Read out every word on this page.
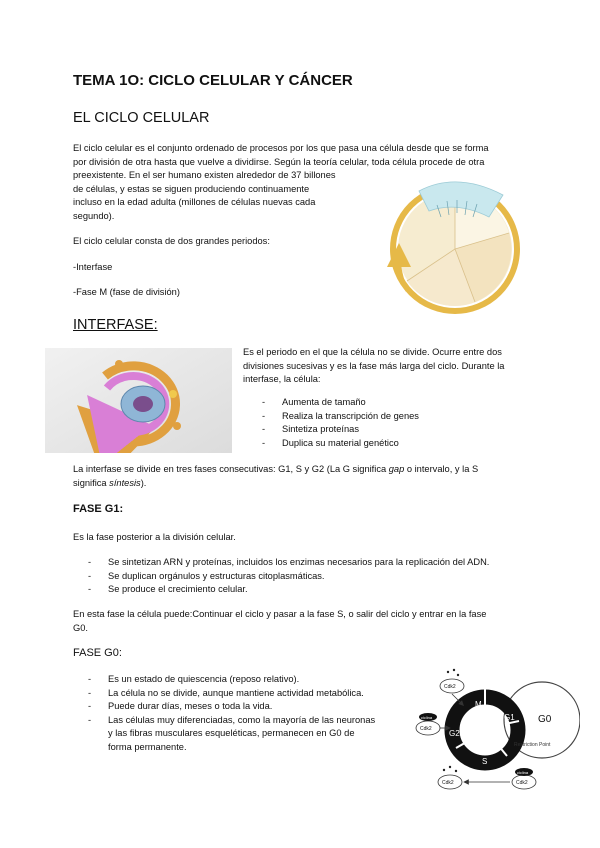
TEMA 1O: CICLO CELULAR Y CÁNCER
EL CICLO CELULAR
El ciclo celular es el conjunto ordenado de procesos por los que pasa una célula desde que se forma
por división de otra hasta que vuelve a dividirse. Según la teoría celular, toda célula procede de otra
preexistente. En el ser humano existen alrededor de 37 billones
de células, y estas se siguen produciendo continuamente
incluso en la edad adulta (millones de células nuevas cada
segundo).
El ciclo celular consta de dos grandes periodos:
-Interfase
-Fase M (fase de división)
INTERFASE:
Es el periodo en el que la célula no se divide. Ocurre entre dos
divisiones sucesivas y es la fase más larga del ciclo. Durante la
interfase, la célula:
- Aumenta de tamaño
- Realiza la transcripción de genes
- Sintetiza proteínas
- Duplica su material genético
La interfase se divide en tres fases consecutivas: G1, S y G2 (La G significa gap o intervalo, y la S
significa síntesis).
FASE G1:
Es la fase posterior a la división celular.
- Se sintetizan ARN y proteínas, incluidos los enzimas necesarios para la replicación del ADN.
- Se duplican orgánulos y estructuras citoplasmáticas.
- Se produce el crecimiento celular.
En esta fase la célula puede:Continuar el ciclo y pasar a la fase S, o salir del ciclo y entrar en la fase
G0.
FASE G0:
- Es un estado de quiescencia (reposo relativo).
- La célula no se divide, aunque mantiene actividad metabólica.
- Puede durar días, meses o toda la vida.
- Las células muy diferenciadas, como la mayoría de las neuronas
y las fibras musculares esqueléticas, permanecen en G0 de
forma permanente.
M
G1
S
G2
G0
Restriction Point
Cdk2
Cdk2
Cdk2	Cdk2
ciclina
ciclina
